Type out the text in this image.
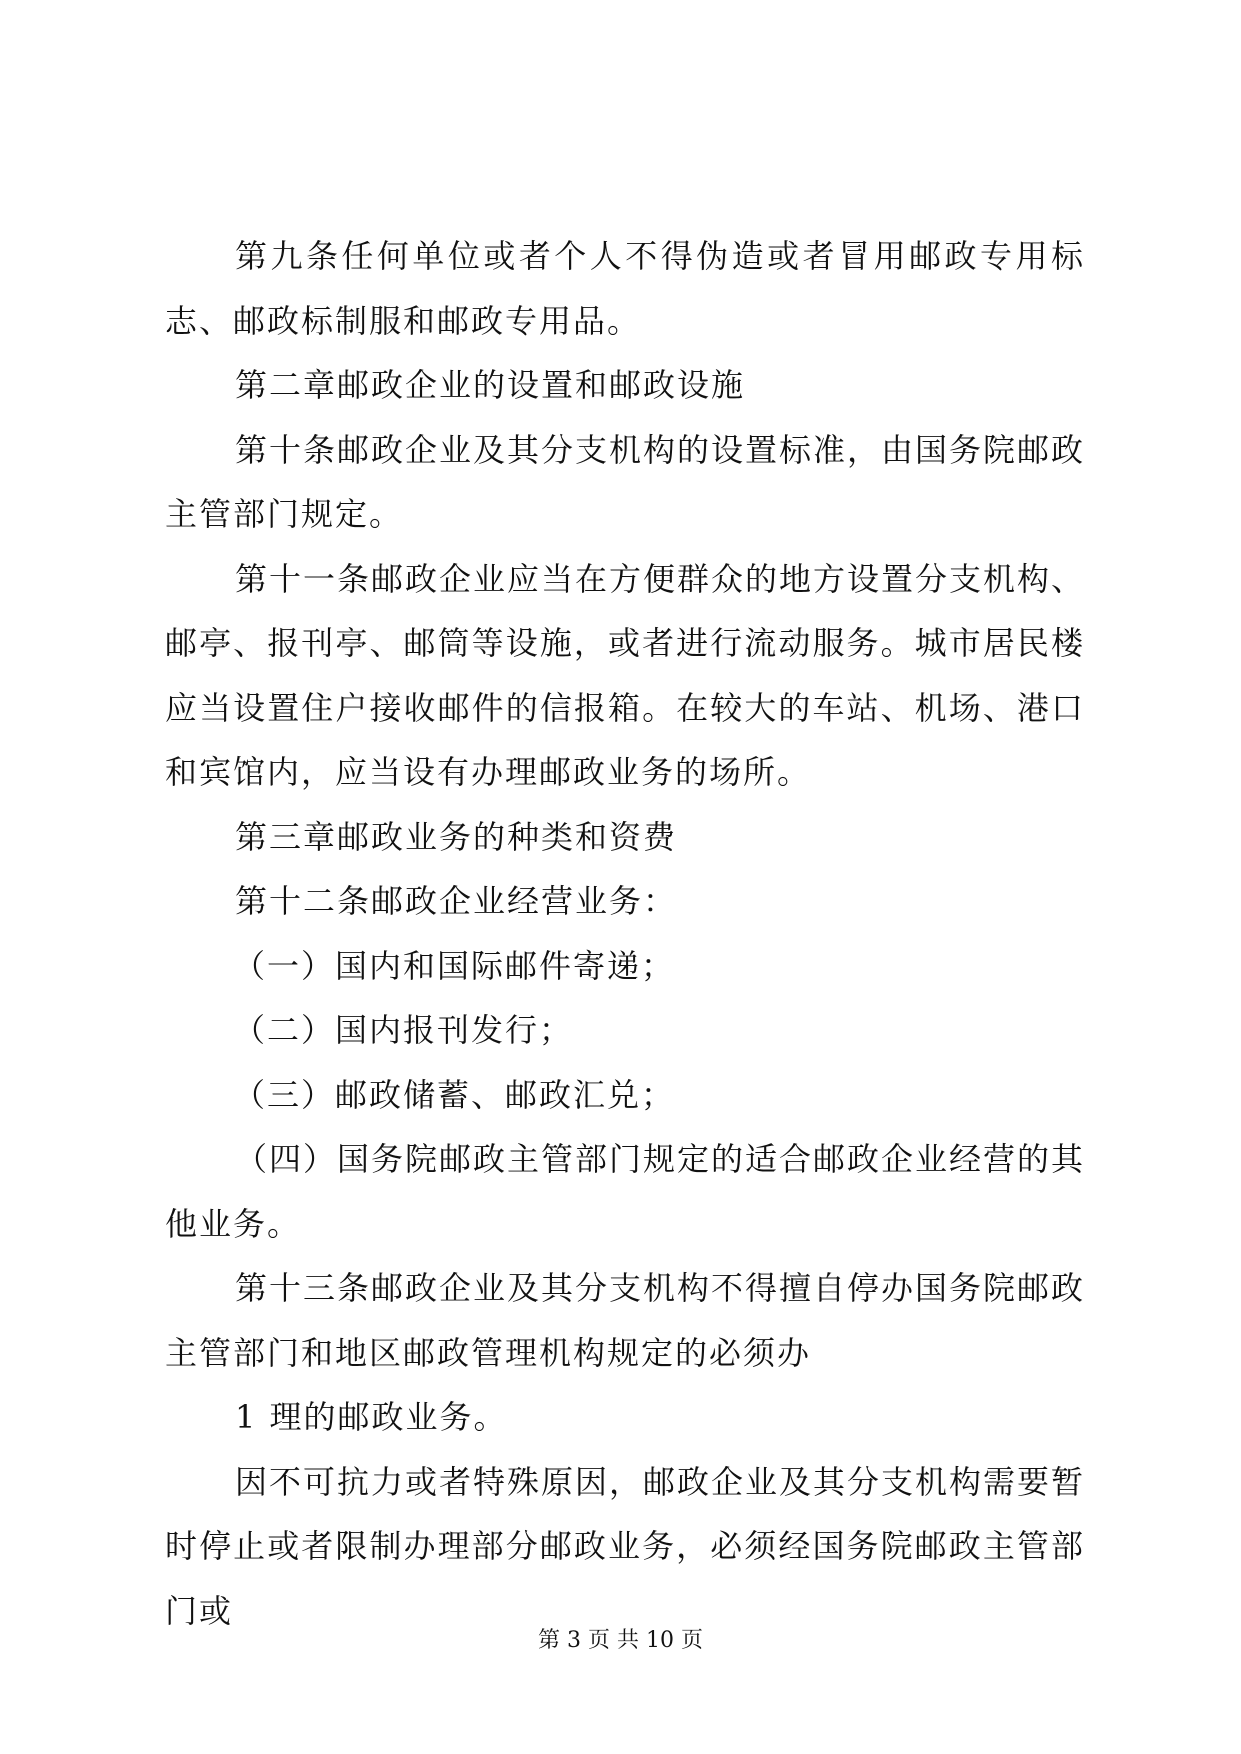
第九条任何单位或者个人不得伪造或者冒用邮政专用标志、邮政标制服和邮政专用品。

第二章邮政企业的设置和邮政设施

第十条邮政企业及其分支机构的设置标准，由国务院邮政主管部门规定。

第十一条邮政企业应当在方便群众的地方设置分支机构、邮亭、报刊亭、邮筒等设施，或者进行流动服务。城市居民楼应当设置住户接收邮件的信报箱。在较大的车站、机场、港口和宾馆内，应当设有办理邮政业务的场所。

第三章邮政业务的种类和资费

第十二条邮政企业经营业务：

（一）国内和国际邮件寄递；

（二）国内报刊发行；

（三）邮政储蓄、邮政汇兑；

（四）国务院邮政主管部门规定的适合邮政企业经营的其他业务。

第十三条邮政企业及其分支机构不得擅自停办国务院邮政主管部门和地区邮政管理机构规定的必须办

1 理的邮政业务。

因不可抗力或者特殊原因，邮政企业及其分支机构需要暂时停止或者限制办理部分邮政业务，必须经国务院邮政主管部门或

第 3 页 共 10 页
